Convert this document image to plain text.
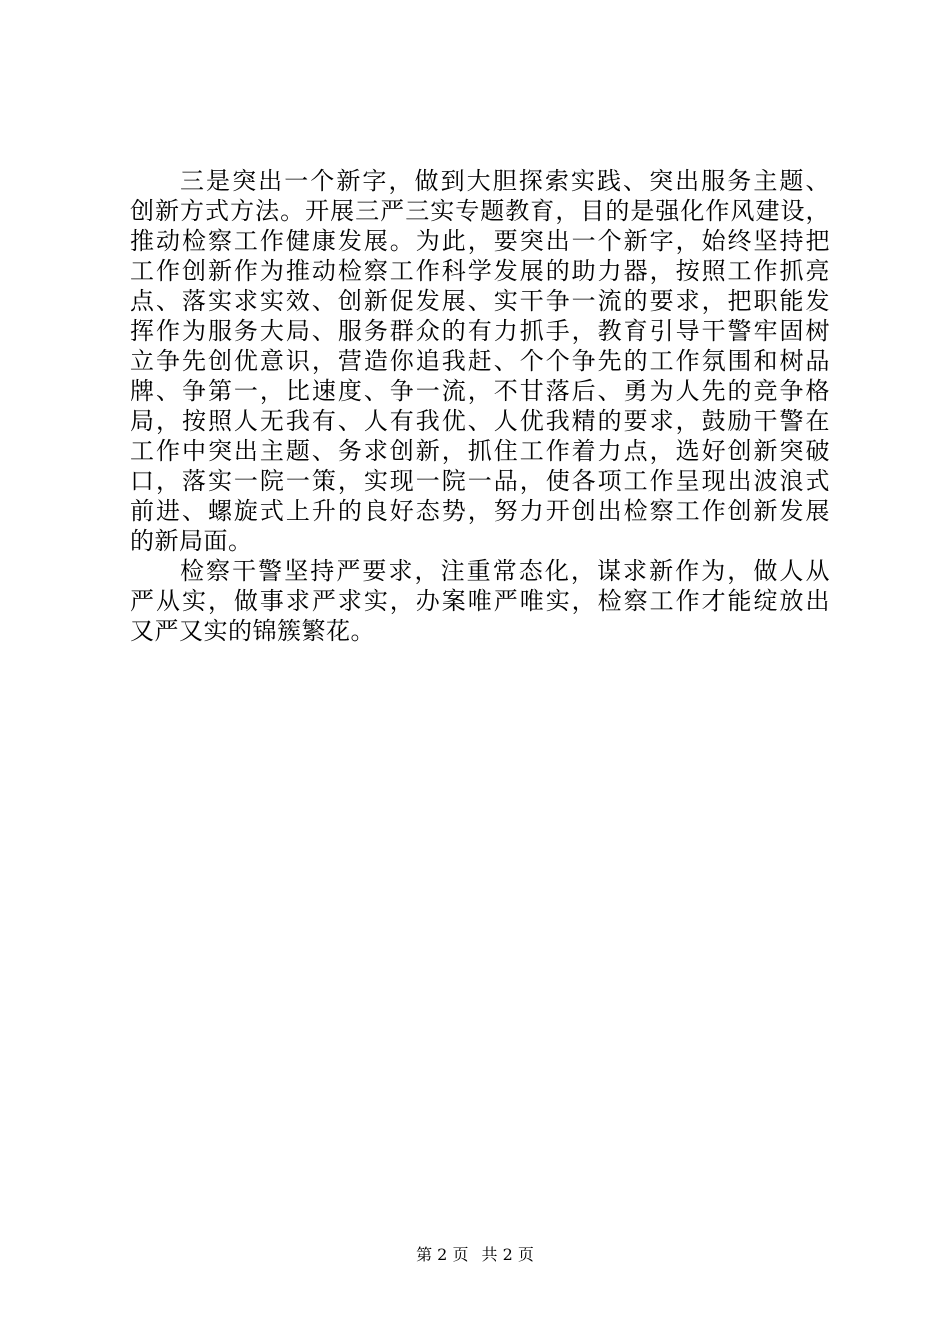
三是突出一个新字，做到大胆探索实践、突出服务主题、
创新方式方法。开展三严三实专题教育，目的是强化作风建设，
推动检察工作健康发展。为此，要突出一个新字，始终坚持把
工作创新作为推动检察工作科学发展的助力器，按照工作抓亮
点、落实求实效、创新促发展、实干争一流的要求，把职能发
挥作为服务大局、服务群众的有力抓手，教育引导干警牢固树
立争先创优意识，营造你追我赶、个个争先的工作氛围和树品
牌、争第一，比速度、争一流，不甘落后、勇为人先的竞争格
局，按照人无我有、人有我优、人优我精的要求，鼓励干警在
工作中突出主题、务求创新，抓住工作着力点，选好创新突破
口，落实一院一策，实现一院一品，使各项工作呈现出波浪式
前进、螺旋式上升的良好态势，努力开创出检察工作创新发展
的新局面。
检察干警坚持严要求，注重常态化，谋求新作为，做人从
严从实，做事求严求实，办案唯严唯实，检察工作才能绽放出
又严又实的锦簇繁花。
第 2 页 共 2 页
